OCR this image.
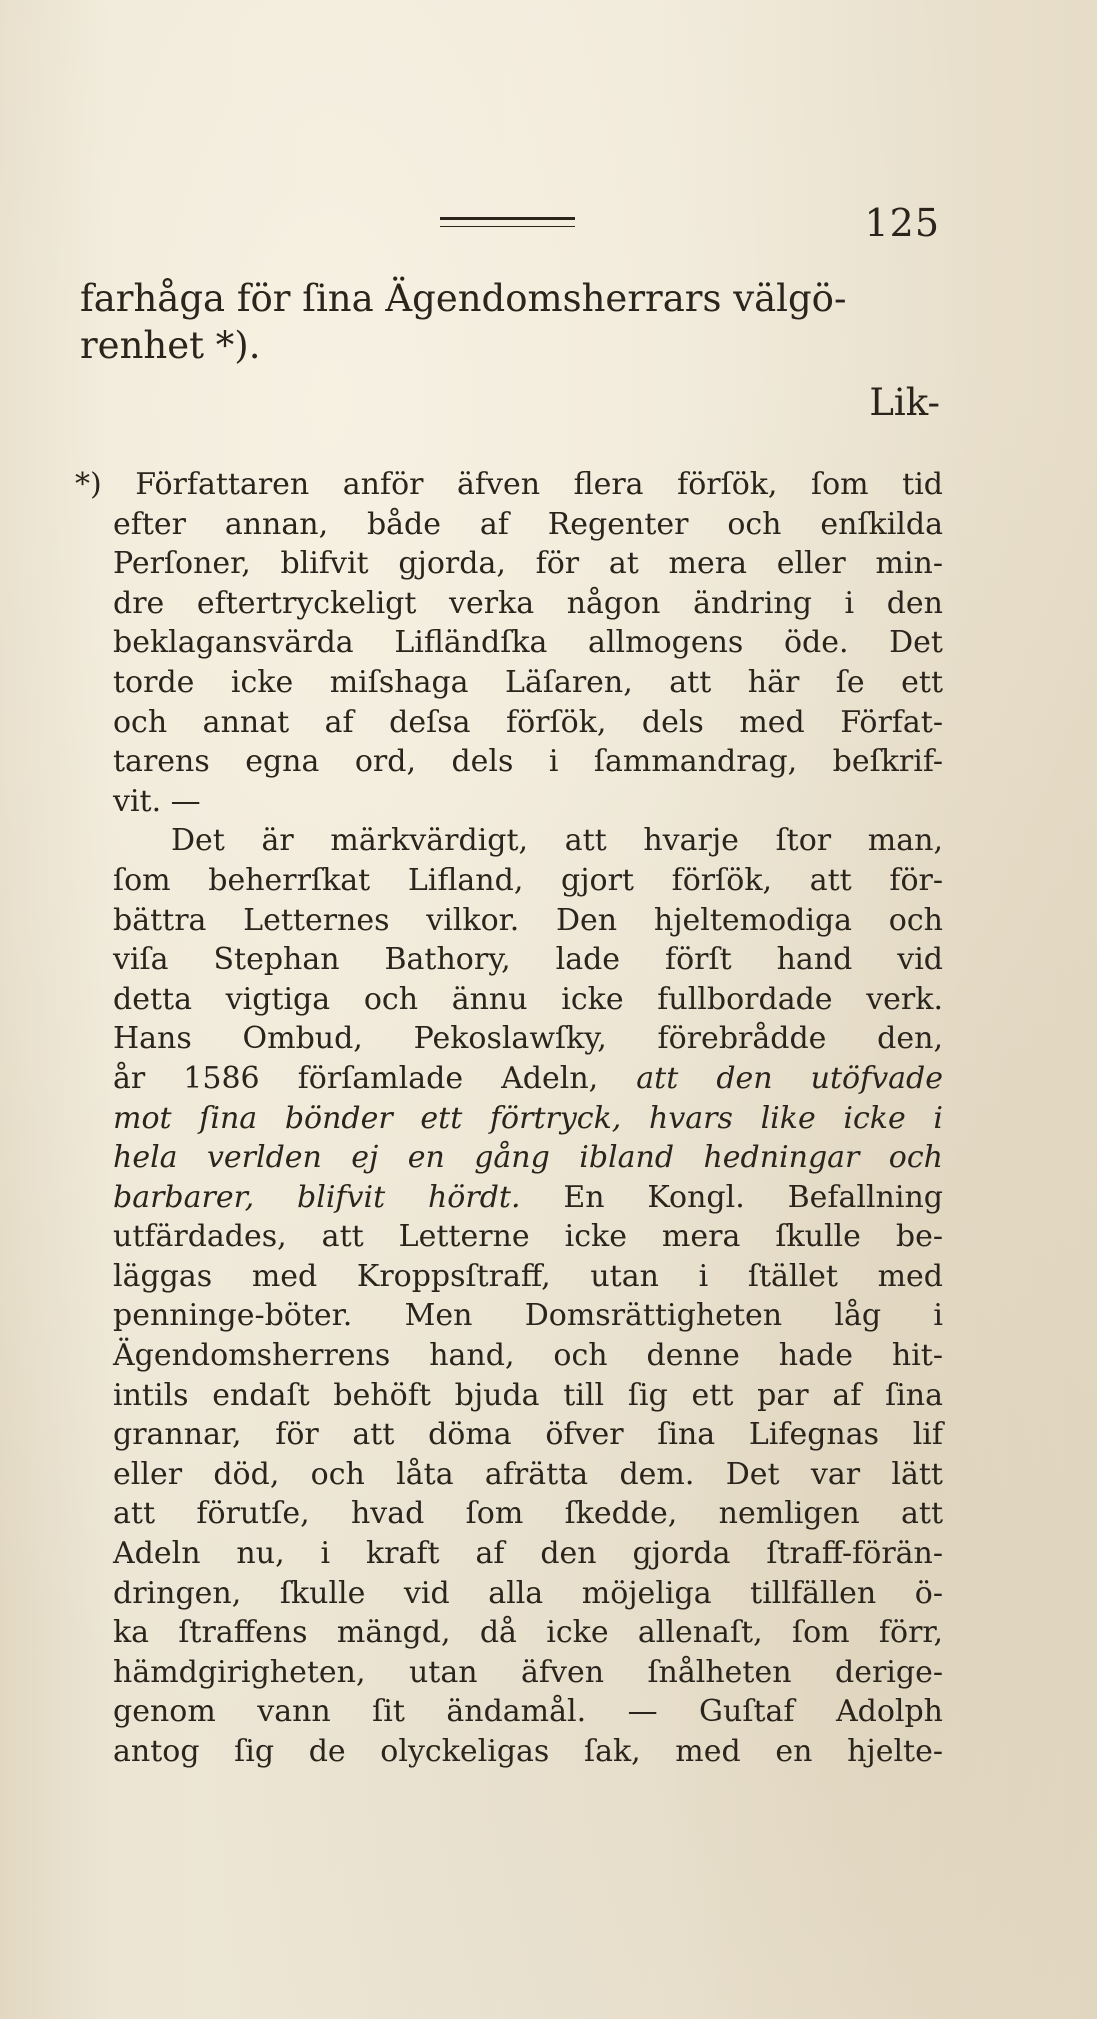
125
farhåga för ſina Ägendomsherrars välgö-
renhet *).
Lik-
*) Författaren anför äfven flera förſök, ſom tid
efter annan, både af Regenter och enſkilda
Perſoner, blifvit gjorda, för at mera eller min-
dre eftertryckeligt verka någon ändring i den
beklagansvärda Lifländſka allmogens öde. Det
torde icke miſshaga Läſaren, att här ſe ett
och annat af deſsa förſök, dels med Förfat-
tarens egna ord, dels i ſammandrag, beſkrif-
vit. —
Det är märkvärdigt, att hvarje ſtor man,
ſom beherrſkat Lifland, gjort förſök, att för-
bättra Letternes vilkor. Den hjeltemodiga och
viſa Stephan Bathory, lade förſt hand vid
detta vigtiga och ännu icke fullbordade verk.
Hans Ombud, Pekoslawſky, förebrådde den,
år 1586 förſamlade Adeln, att den utöfvade
mot ſina bönder ett förtryck, hvars like icke i
hela verlden ej en gång ibland hedningar och
barbarer, blifvit hördt. En Kongl. Befallning
utfärdades, att Letterne icke mera ſkulle be-
läggas med Kroppsſtraff, utan i ſtället med
penninge-böter. Men Domsrättigheten låg i
Ägendomsherrens hand, och denne hade hit-
intils endaſt behöft bjuda till ſig ett par af ſina
grannar, för att döma öfver ſina Lifegnas lif
eller död, och låta afrätta dem. Det var lätt
att förutſe, hvad ſom ſkedde, nemligen att
Adeln nu, i kraft af den gjorda ſtraff-förän-
dringen, ſkulle vid alla möjeliga tillfällen ö-
ka ſtraffens mängd, då icke allenaſt, ſom förr,
hämdgirigheten, utan äfven ſnålheten derige-
genom vann ſit ändamål. — Guſtaf Adolph
antog ſig de olyckeligas ſak, med en hjelte-
